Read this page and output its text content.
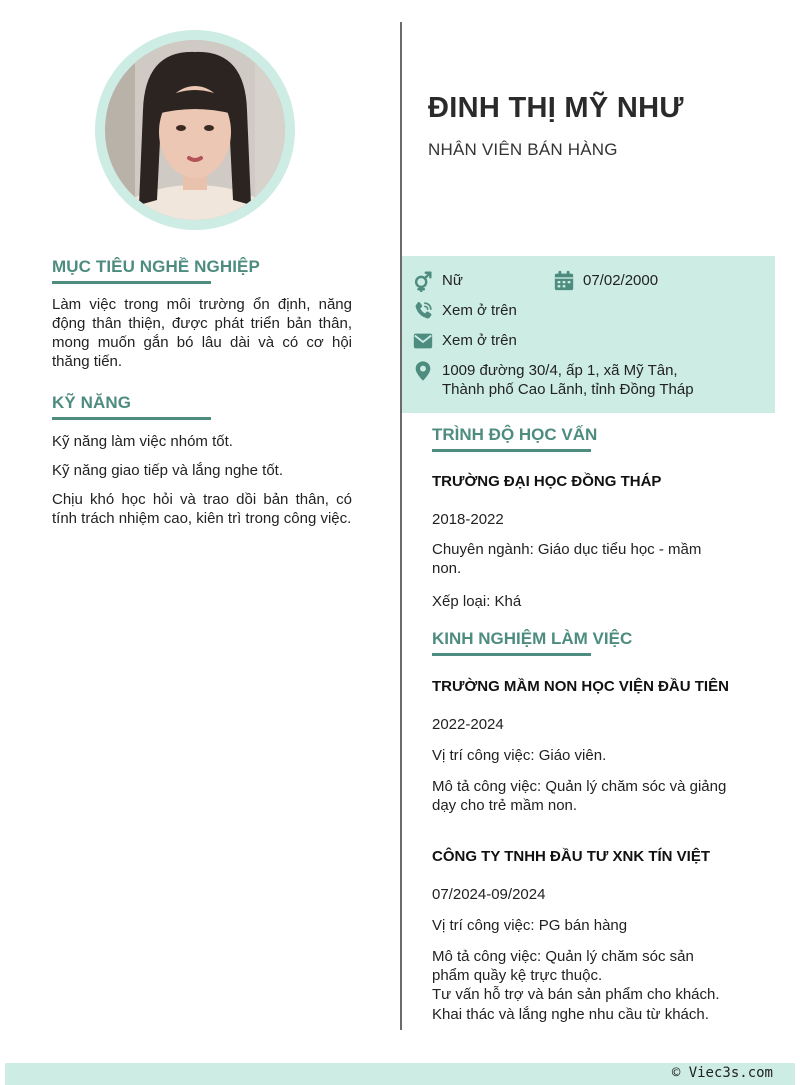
MỤC TIÊU NGHỀ NGHIỆP
Làm việc trong môi trường ổn định, năng động thân thiện, được phát triển bản thân, mong muốn gắn bó lâu dài và có cơ hội thăng tiến.
KỸ NĂNG
Kỹ năng làm việc nhóm tốt.
Kỹ năng giao tiếp và lắng nghe tốt.
Chịu khó học hỏi và trao dồi bản thân, có tính trách nhiệm cao, kiên trì trong công việc.
ĐINH THỊ MỸ NHƯ
NHÂN VIÊN BÁN HÀNG
Nữ	07/02/2000
Xem ở trên
Xem ở trên
1009 đường 30/4, ấp 1, xã Mỹ Tân,
Thành phố Cao Lãnh, tỉnh Đồng Tháp
TRÌNH ĐỘ HỌC VẤN
TRƯỜNG ĐẠI HỌC ĐỒNG THÁP
2018-2022
Chuyên ngành: Giáo dục tiểu học - mầm non.
Xếp loại: Khá
KINH NGHIỆM LÀM VIỆC
TRƯỜNG MẦM NON HỌC VIỆN ĐẦU TIÊN
2022-2024
Vị trí công việc: Giáo viên.
Mô tả công việc: Quản lý chăm sóc và giảng dạy cho trẻ mầm non.
CÔNG TY TNHH ĐẦU TƯ XNK TÍN VIỆT
07/2024-09/2024
Vị trí công việc: PG bán hàng
Mô tả công việc: Quản lý chăm sóc sản phẩm quầy kệ trực thuộc.
Tư vấn hỗ trợ và bán sản phẩm cho khách.
Khai thác và lắng nghe nhu cầu từ khách.
© Viec3s.com
